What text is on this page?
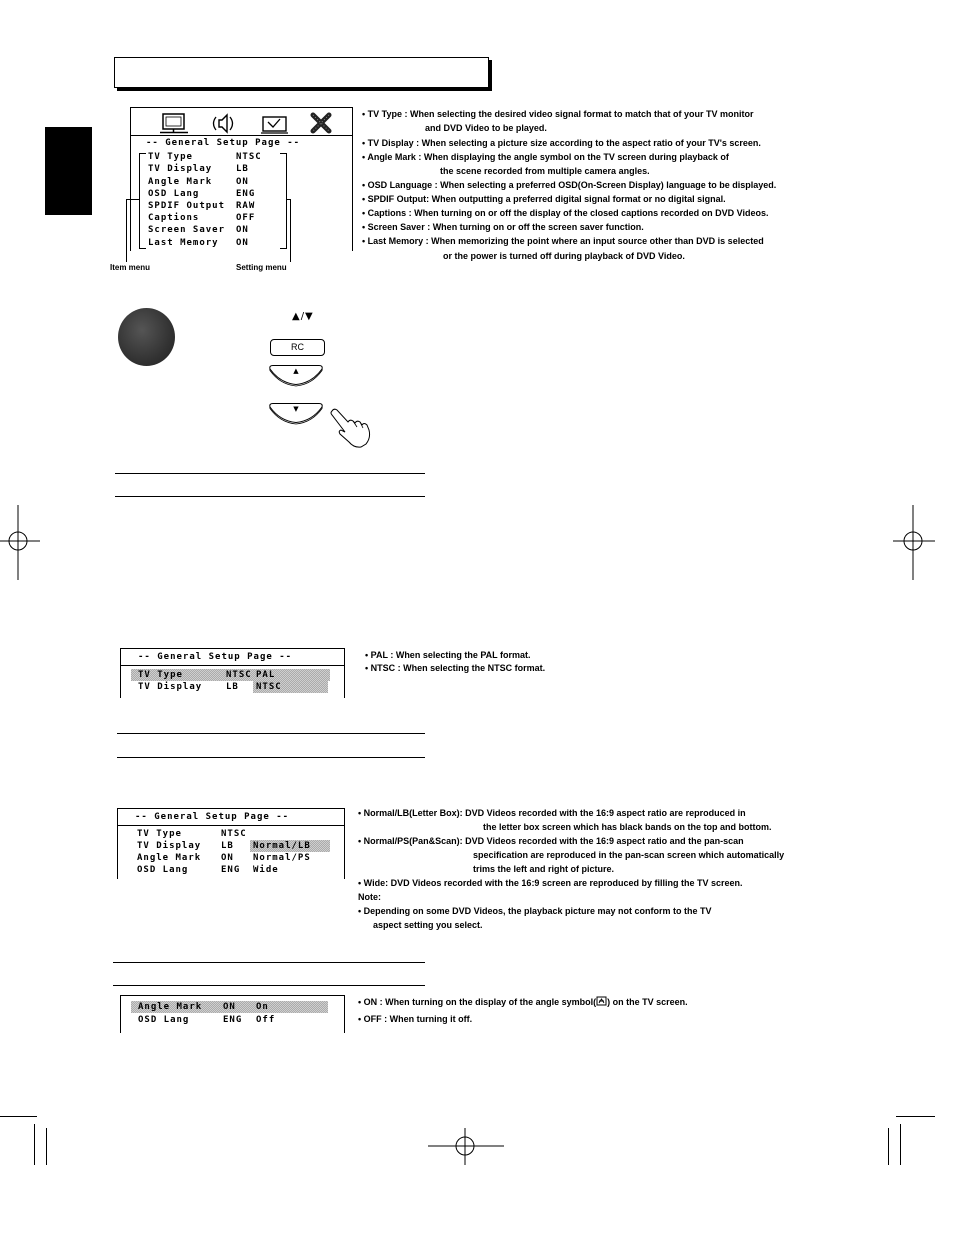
-- General Setup Page --
TV Type	NTSC
TV Display	LB
Angle Mark	ON
OSD Lang	ENG
SPDIF Output RAW
Captions	OFF
Screen Saver ON
Last Memory ON
Item menu	Setting menu
• TV Type : When selecting the desired video signal format to match that of your TV monitor
and DVD Video to be played.
• TV Display : When selecting a picture size according to the aspect ratio of your TV's screen.
• Angle Mark : When displaying the angle symbol on the TV screen during playback of
the scene recorded from multiple camera angles.
• OSD Language : When selecting a preferred OSD(On-Screen Display) language to be displayed.
• SPDIF Output: When outputting a preferred digital signal format or no digital signal.
• Captions : When turning on or off the display of the closed captions recorded on DVD Videos.
• Screen Saver : When turning on or off the screen saver function.
• Last Memory : When memorizing the point where an input source other than DVD is selected
or the power is turned off during playback of DVD Video.
▲/▼
RC
▲
▼
-- General Setup Page --
TV Type	NTSC PAL
TV Display	LB NTSC
• PAL : When selecting the PAL format.
• NTSC : When selecting the NTSC format.
-- General Setup Page --
TV Type	NTSC
TV Display LB Normal/LB
Angle Mark ON Normal/PS
OSD Lang	ENG Wide
• Normal/LB(Letter Box): DVD Videos recorded with the 16:9 aspect ratio are reproduced in
the letter box screen which has black bands on the top and bottom.
• Normal/PS(Pan&Scan): DVD Videos recorded with the 16:9 aspect ratio and the pan-scan
specification are reproduced in the pan-scan screen which automatically
trims the left and right of picture.
• Wide: DVD Videos recorded with the 16:9 screen are reproduced by filling the TV screen.
Note:
• Depending on some DVD Videos, the playback picture may not conform to the TV
aspect setting you select.
Angle Mark ON On
OSD Lang	ENG Off
• ON : When turning on the display of the angle symbol( ) on the TV screen.
• OFF : When turning it off.
